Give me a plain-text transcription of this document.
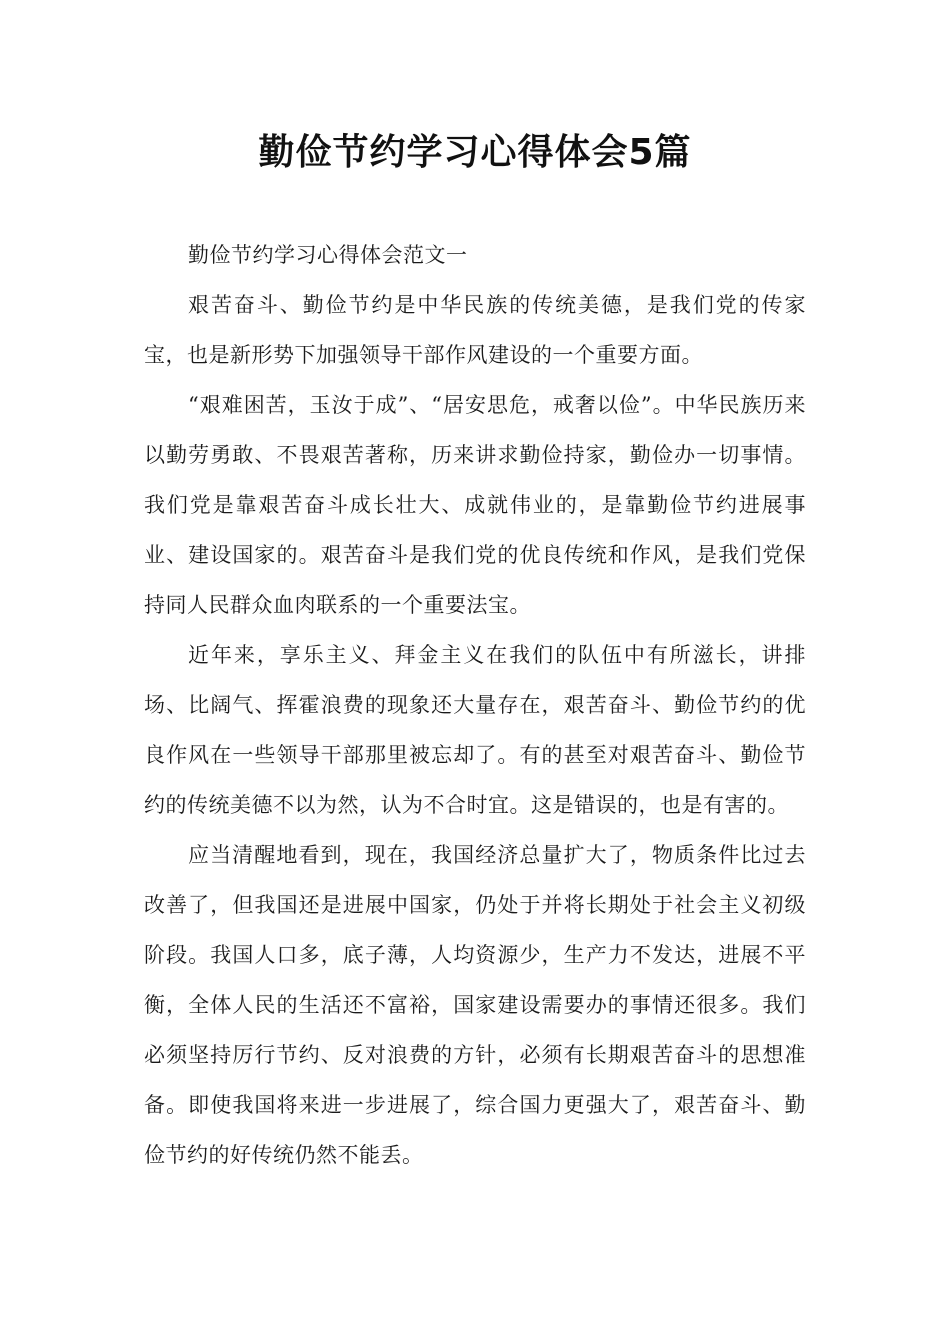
勤俭节约学习心得体会5篇

勤俭节约学习心得体会范文一

艰苦奋斗、勤俭节约是中华民族的传统美德，是我们党的传家宝，也是新形势下加强领导干部作风建设的一个重要方面。

“艰难困苦，玉汝于成”、“居安思危，戒奢以俭”。中华民族历来以勤劳勇敢、不畏艰苦著称，历来讲求勤俭持家，勤俭办一切事情。我们党是靠艰苦奋斗成长壮大、成就伟业的，是靠勤俭节约进展事业、建设国家的。艰苦奋斗是我们党的优良传统和作风，是我们党保持同人民群众血肉联系的一个重要法宝。

近年来，享乐主义、拜金主义在我们的队伍中有所滋长，讲排场、比阔气、挥霍浪费的现象还大量存在，艰苦奋斗、勤俭节约的优良作风在一些领导干部那里被忘却了。有的甚至对艰苦奋斗、勤俭节约的传统美德不以为然，认为不合时宜。这是错误的，也是有害的。

应当清醒地看到，现在，我国经济总量扩大了，物质条件比过去改善了，但我国还是进展中国家，仍处于并将长期处于社会主义初级阶段。我国人口多，底子薄，人均资源少，生产力不发达，进展不平衡，全体人民的生活还不富裕，国家建设需要办的事情还很多。我们必须坚持厉行节约、反对浪费的方针，必须有长期艰苦奋斗的思想准备。即使我国将来进一步进展了，综合国力更强大了，艰苦奋斗、勤俭节约的好传统仍然不能丢。
